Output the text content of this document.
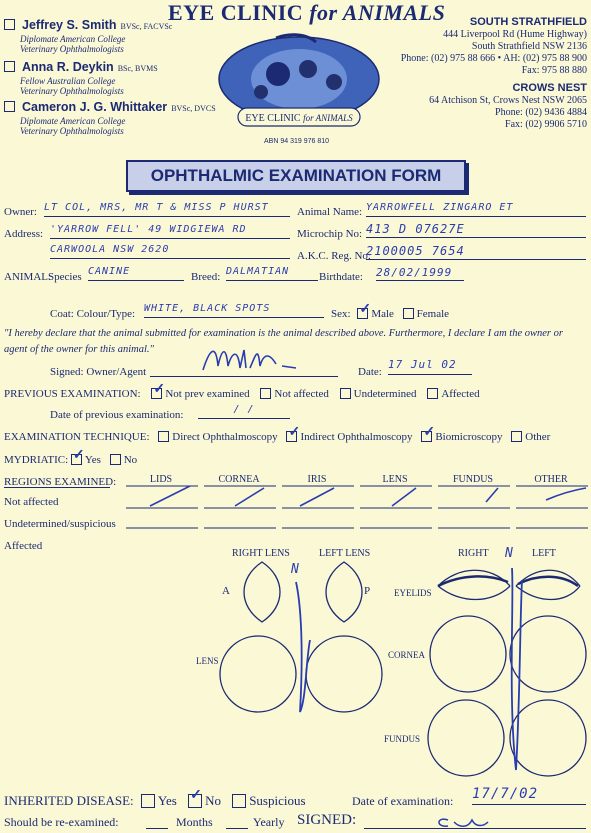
EYE CLINIC for ANIMALS
Jeffrey S. Smith BVSc, FACVSc
Diplomate American College
Veterinary Ophthalmologists
Anna R. Deykin BSc, BVMS
Fellow Australian College
Veterinary Ophthalmologists
Cameron J. G. Whittaker BVSc, DVCS
Diplomate American College
Veterinary Ophthalmologists
EYE CLINIC for ANIMALS
ABN 94 319 976 810
SOUTH STRATHFIELD
444 Liverpool Rd (Hume Highway)
South Strathfield NSW 2136
Phone: (02) 975 88 666 • AH: (02) 975 88 900
Fax: 975 88 880
CROWS NEST
64 Atchison St, Crows Nest NSW 2065
Phone: (02) 9436 4884
Fax: (02) 9906 5710
OPHTHALMIC EXAMINATION FORM
Owner: LT COL, MRS, MR T & MISS P HURST	Animal Name: YARROWFELL ZINGARO ET
Address: 'YARROW FELL' 49 WIDGIEWA RD
CARWOOLA NSW 2620
Microchip No: 413 D 07627E
A.K.C. Reg. No:
2100005 7654
ANIMAL:
Species CANINE	Breed: DALMATIAN	Birthdate: 28/02/1999
Coat: Colour/Type: WHITE, BLACK SPOTS	Sex: ✓ Male Female
"I hereby declare that the animal submitted for examination is the animal described above. Furthermore, I declare I am the owner or agent of the owner for this animal."
Signed: Owner/Agent	Date:
17 Jul 02
PREVIOUS EXAMINATION: ✓ Not prev examined Not affected Undetermined Affected
Date of previous examination:	/ /
EXAMINATION TECHNIQUE: Direct Ophthalmoscopy ✓ Indirect Ophthalmoscopy ✓ Biomicroscopy Other
MYDRIATIC: ✓ Yes No
REGIONS EXAMINED:	LIDS	CORNEA	IRIS	LENS	FUNDUS	OTHER
Not affected
Undetermined/suspicious
Affected
RIGHT LENS	LEFT LENS
A	P
LENS
RIGHT	LEFT
EYELIDS
CORNEA
FUNDUS
N
N
INHERITED DISEASE: Yes ✓ No Suspicious	Date of examination: 17/7/02
Should be re-examined:	Months	Yearly SIGNED:
